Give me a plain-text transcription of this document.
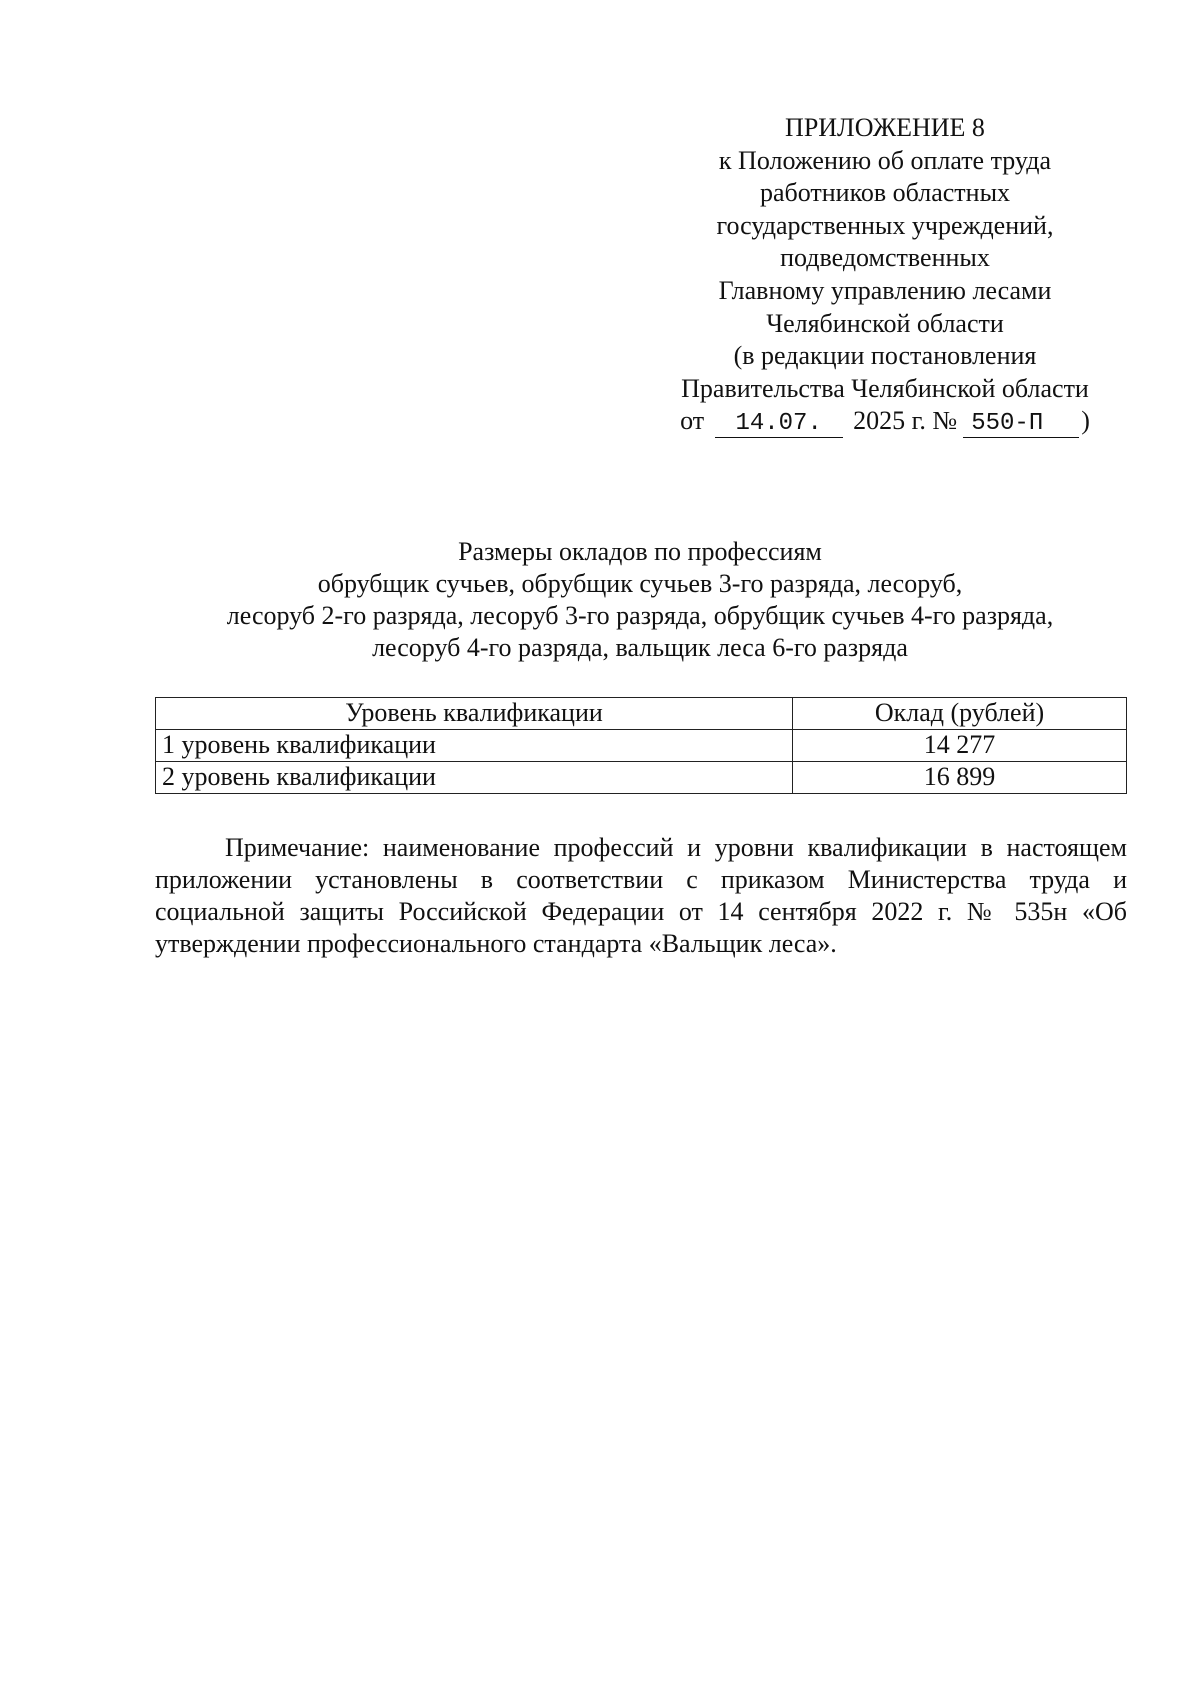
ПРИЛОЖЕНИЕ 8
к Положению об оплате труда
работников областных
государственных учреждений,
подведомственных
Главному управлению лесами
Челябинской области
(в редакции постановления
Правительства Челябинской области
от 14.07. 2025 г. № 550-П )
Размеры окладов по профессиям
обрубщик сучьев, обрубщик сучьев 3-го разряда, лесоруб,
лесоруб 2-го разряда, лесоруб 3-го разряда, обрубщик сучьев 4-го разряда,
лесоруб 4-го разряда, вальщик леса 6-го разряда
Уровень квалификации	Оклад (рублей)
1 уровень квалификации	14 277
2 уровень квалификации	16 899

Примечание: наименование профессий и уровни квалификации в настоящем приложении установлены в соответствии с приказом Министерства труда и социальной защиты Российской Федерации от 14 сентября 2022 г. № 535н «Об утверждении профессионального стандарта «Вальщик леса».
